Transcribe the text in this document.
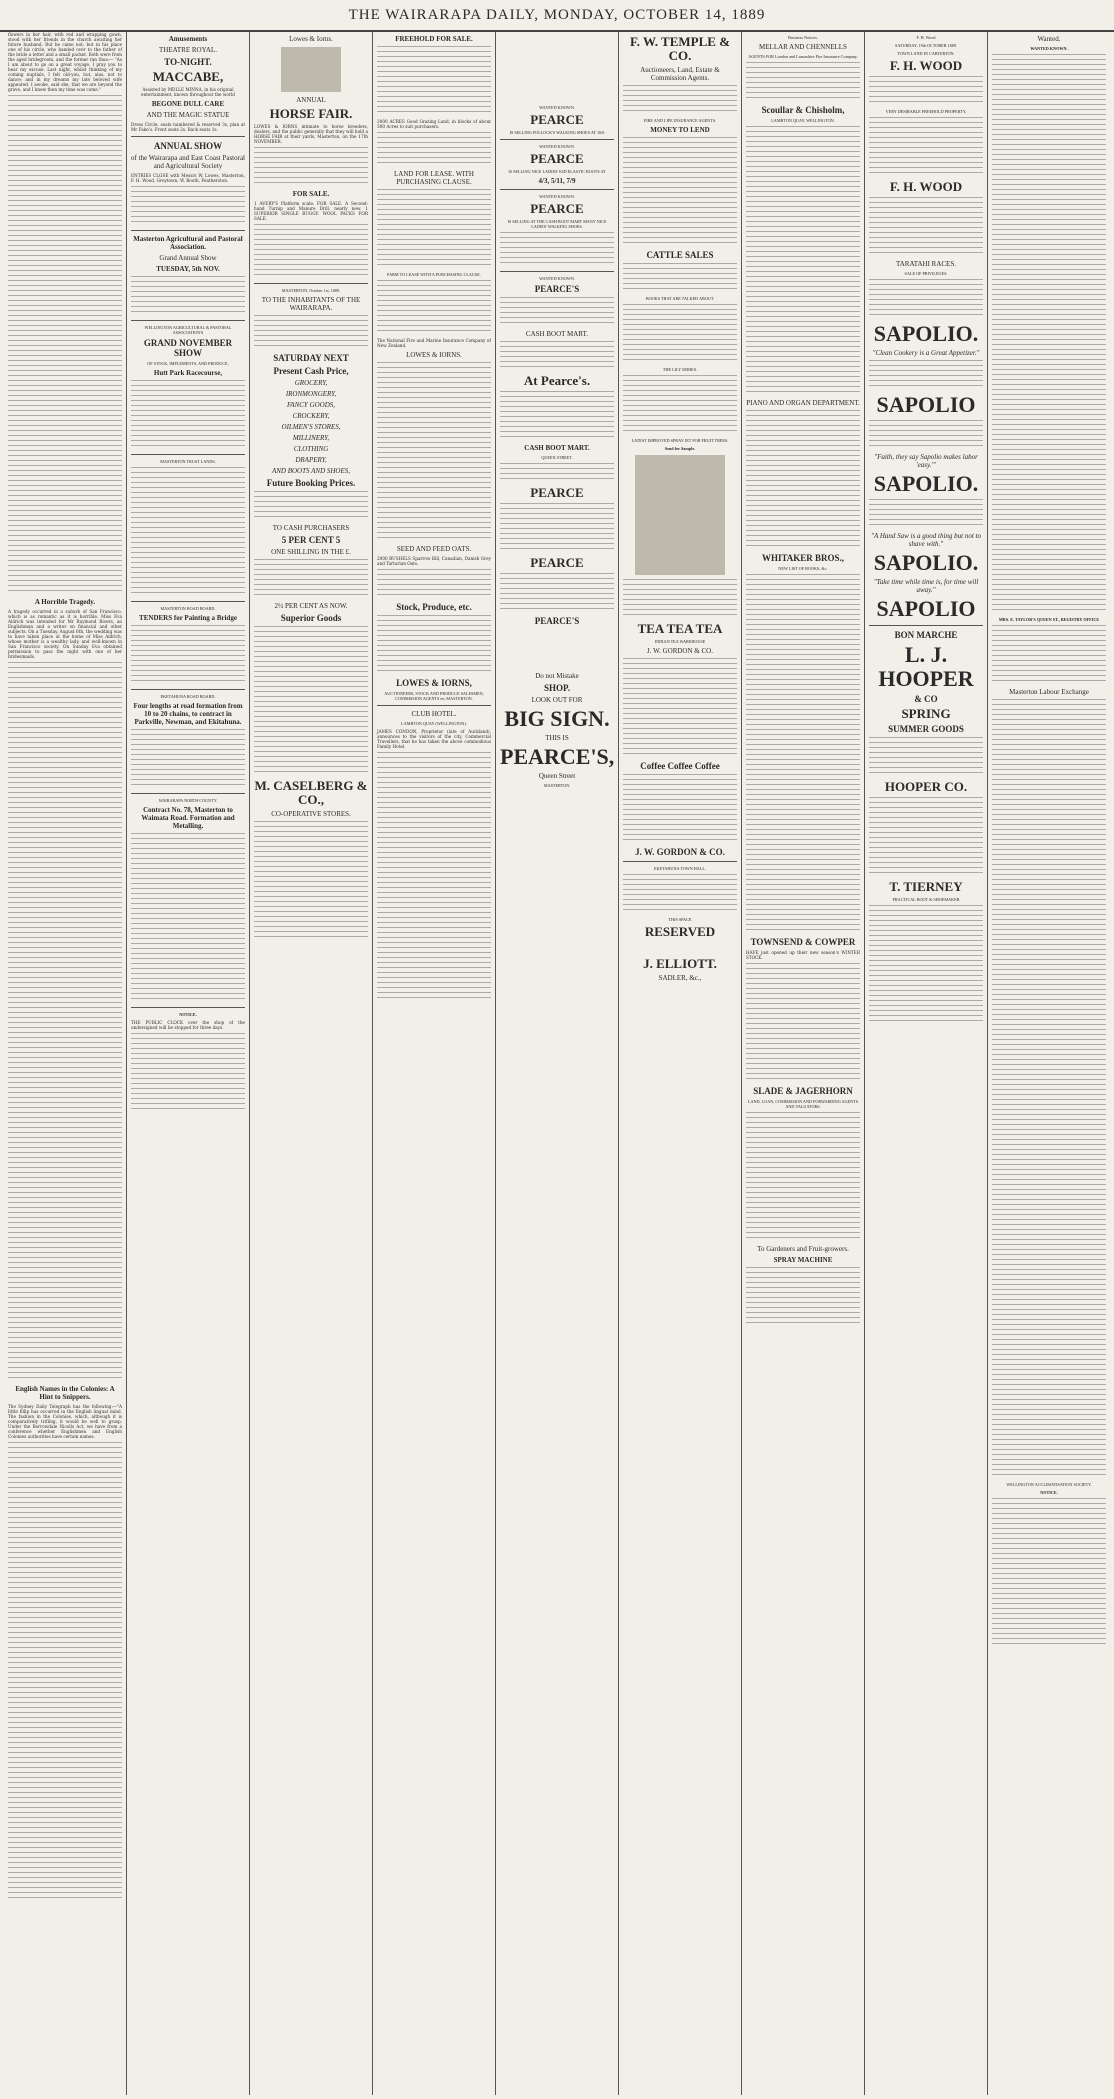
THE WAIRARAPA DAILY, MONDAY, OCTOBER 14, 1889

flowers in her hair, with red and wrapping gown, stood with her friends in the church awaiting her future husband. But he came not; but in his place one of his circle, who handed over to the father of the bride a letter and a small packet. Both were from the aged bridegroom, and the former ran thus:— "As I am about to go on a great voyage, I pray you to hear my excuse. Last night, whilst thinking of my coming nuptials, I felt old-you, but, alas, not to dance; and in my dreams my late beloved wife appeared. I awoke, said she, that we are beyond the grave, and I knew then my time was come."

A Horrible Tragedy.

A tragedy occurred in a suburb of San Francisco, which is as romantic as it is horrible. Miss Eva Aldrich was intended for Mr Raymond Rivers, an Englishman and a writer on financial and other subjects. On a Tuesday, August 6th, the wedding was to have taken place at the home of Miss Aldrich, whose mother is a wealthy lady, and well-known in San Francisco society. On Sunday Eva obtained permission to pass the night with one of her bridesmaids.

English Names in the Colonies: A Hint to Snippers.

The Sydney Daily Telegraph has the following:—"A little fillip has occurred in the English lingual mind. The fashion in the Colonies, which, although it is comparatively trifling, it would be well to grasp. Under the Borrowdale Nicolls Act, we have from a conference whether Englishmen and English Colonies authorities have certain names.

Amusements
THEATRE ROYAL.
TO-NIGHT.
MACCABE,

Assisted by MDLLE MINNA, in his original entertainment, known throughout the world

BEGONE DULL CARE
AND THE MAGIC STATUE

Dress Circle, seats numbered & reserved 3s, plan at Mr Fake's. Front seats 2s. Back seats 1s.

ANNUAL SHOW
of the Wairarapa and East Coast Pastoral and Agricultural Society

ENTRIES CLOSE with Messrs W. Lowes, Masterton, F. H. Wood, Greytown, W. Booth, Featherston.

Masterton Agricultural and Pastoral Association.
Grand Annual Show
TUESDAY, 5th NOV.
WELLINGTON AGRICULTURAL & PASTORAL ASSOCIATION'S
GRAND NOVEMBER SHOW
OF STOCK, IMPLEMENTS, AND PRODUCE,
Hutt Park Racecourse,
MASTERTON TRUST LANDS.
MASTERTON ROAD BOARD.
TENDERS for Painting a Bridge
EKETAHUNA ROAD BOARD.
Four lengths at road formation from 10 to 20 chains, to contract in Parkville, Newman, and Ekitahuna.
WAIRARAPA NORTH COUNTY.
Contract No. 78, Masterton to Waimata Road. Formation and Metalling.
NOTICE.

THE PUBLIC CLOCK over the shop of the undersigned will be stopped for three days.

Lowes & Iorns.
ANNUAL
HORSE FAIR.

LOWES & IORNS intimate to horse breeders, dealers, and the public generally that they will hold a HORSE FAIR at their yards, Masterton, on the 17th NOVEMBER.

FOR SALE.

1 AVERY'S Platform scale. FOR SALE. A Second-hand Turnip and Manure Drill, nearly new. 1 SUPERIOR SINGLE BUGGY. WOOL PACKS FOR SALE.

MASTERTON, October 1st, 1889.
TO THE INHABITANTS OF THE WAIRARAPA.
SATURDAY NEXT
Present Cash Price,
GROCERY,
IRONMONGERY,
FANCY GOODS,
CROCKERY,
OILMEN'S STORES,
MILLINERY,
CLOTHING
DRAPERY,
AND BOOTS AND SHOES,
Future Booking Prices.
TO CASH PURCHASERS
5 PER CENT 5
ONE SHILLING IN THE £.
2½ PER CENT AS NOW.
Superior Goods
M. CASELBERG & CO.,
CO-OPERATIVE STORES.
FREEHOLD FOR SALE.

2000 ACRES Good Grazing Land, in blocks of about 500 Acres to suit purchasers.

LAND FOR LEASE. WITH PURCHASING CLAUSE.
FARM TO LEASE WITH A PURCHASING CLAUSE.

The National Fire and Marine Insurance Company of New Zealand.

LOWES & IORNS.
SEED AND FEED OATS.

2000 BUSHELS Sparrow Bill, Canadian, Danish Grey and Tartarian Oats.

Stock, Produce, etc.
LOWES & IORNS,
AUCTIONEERS, STOCK AND PRODUCE SALESMEN, COMMISSION AGENTS etc MASTERTON.
CLUB HOTEL.
LAMBTON QUAY (WELLINGTON).

JAMES CONDON, Proprietor (late of Auckland), announces to the visitors of the city, Commercial Travellers, that he has taken the above commodious Family Hotel.

WANTED KNOWN.
PEARCE
IS SELLING FOLLOCK'S WALKING SHOES AT 10/6
WANTED KNOWN.
PEARCE
IS SELLING NICE LADIES' KID ELASTIC BOOTS AT
4/3, 5/11, 7/9
WANTED KNOWN.
PEARCE
IS SELLING AT THE CASH BOOT MART MANY NICE LADIES' WALKING SHOES.
WANTED KNOWN.
PEARCE'S
CASH BOOT MART.
At Pearce's.
CASH BOOT MART.
QUEEN STREET.
PEARCE
PEARCE
PEARCE'S
Do not Mistake
SHOP.
LOOK OUT FOR
BIG SIGN.
THIS IS
PEARCE'S,
Queen Street
MASTERTON.
F. W. TEMPLE & CO.
Auctioneers, Land, Estate & Commission Agents.
FIRE AND LIFE INSURANCE AGENTS.
MONEY TO LEND
CATTLE SALES
BOOKS THAT ARE TALKED ABOUT.
THE LILY SERIES.
LATEST IMPROVED SPRAY JET FOR FRUIT TREES.
Send for Sample.
TEA TEA TEA
INDIAN TEA WAREHOUSE
J. W. GORDON & CO.
Coffee Coffee Coffee
J. W. GORDON & CO.
EKETAHUNA TOWN HALL.
THIS SPACE
RESERVED
J. ELLIOTT.
SADLER, &c.,
Business Notices.
MELLAR AND CHENNELLS
AGENTS FOR London and Lancashire Fire Insurance Company.
Scoullar & Chisholm,
LAMBTON QUAY, WELLINGTON.
PIANO AND ORGAN DEPARTMENT.
WHITAKER BROS.,
NEW LIST OF BOOKS, &c.
TOWNSEND & COWPER

HAVE just opened up their new season's WINTER STOCK.

SLADE & JAGERHORN
LAND, LOAN, COMMISSION AND FORWARDING AGENTS AND VALUATORS.
To Gardeners and Fruit-growers.
SPRAY MACHINE
F. H. Wood
SATURDAY, 19th OCTOBER 1889.
TOWN LAND IN CARTERTON.
F. H. WOOD
VERY DESIRABLE FREEHOLD PROPERTY,
F. H. WOOD
TARATAHI RACES.
SALE OF PRIVILEGES.
SAPOLIO.
"Clean Cookery is a Great Appetizer."
SAPOLIO
"Faith, they say Sapolio makes labor 'easy.'"
SAPOLIO.
"A Hand Saw is a good thing but not to shave with."
SAPOLIO.
"Take time while time is, for time will away."
SAPOLIO
BON MARCHE
L. J. HOOPER
& CO
SPRING
SUMMER GOODS
HOOPER CO.
T. TIERNEY
PRACTICAL BOOT & SHOEMAKER
Wanted.
WANTED KNOWN.
MRS. E. TAYLOR'S QUEEN ST., REGISTRY OFFICE
Masterton Labour Exchange
WELLINGTON ACCLIMATISATION SOCIETY.
NOTICE.
